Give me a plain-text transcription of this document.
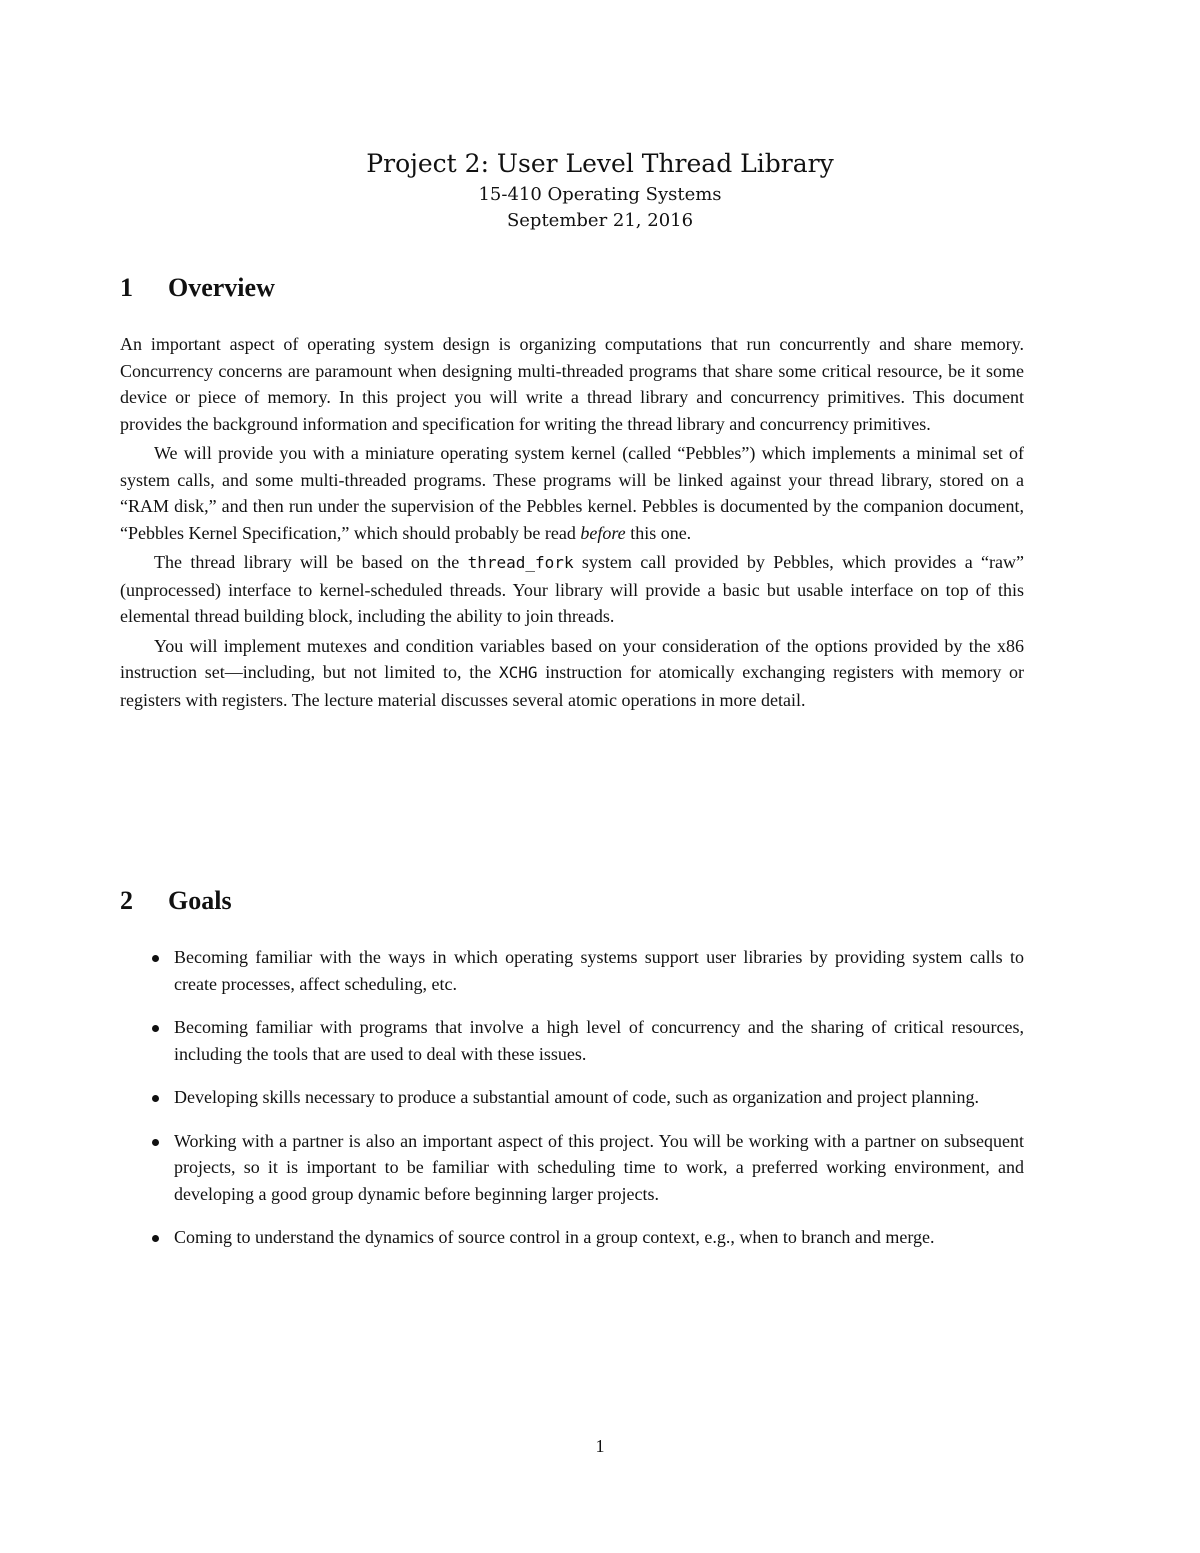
Project 2: User Level Thread Library
15-410 Operating Systems
September 21, 2016
1 Overview

An important aspect of operating system design is organizing computations that run concurrently and share memory. Concurrency concerns are paramount when designing multi-threaded programs that share some critical resource, be it some device or piece of memory. In this project you will write a thread library and concurrency primitives. This document provides the background information and specification for writing the thread library and concurrency primitives.

We will provide you with a miniature operating system kernel (called “Pebbles”) which implements a minimal set of system calls, and some multi-threaded programs. These programs will be linked against your thread library, stored on a “RAM disk,” and then run under the supervision of the Pebbles kernel. Pebbles is documented by the companion document, “Pebbles Kernel Specification,” which should probably be read before this one.

The thread library will be based on the thread_fork system call provided by Pebbles, which provides a “raw” (unprocessed) interface to kernel-scheduled threads. Your library will provide a basic but usable interface on top of this elemental thread building block, including the ability to join threads.

You will implement mutexes and condition variables based on your consideration of the options provided by the x86 instruction set—including, but not limited to, the XCHG instruction for atomically exchanging registers with memory or registers with registers. The lecture material discusses several atomic operations in more detail.

2 Goals
Becoming familiar with the ways in which operating systems support user libraries by providing system calls to create processes, affect scheduling, etc.
Becoming familiar with programs that involve a high level of concurrency and the sharing of critical resources, including the tools that are used to deal with these issues.
Developing skills necessary to produce a substantial amount of code, such as organization and project planning.
Working with a partner is also an important aspect of this project. You will be working with a partner on subsequent projects, so it is important to be familiar with scheduling time to work, a preferred working environment, and developing a good group dynamic before beginning larger projects.
Coming to understand the dynamics of source control in a group context, e.g., when to branch and merge.
1
